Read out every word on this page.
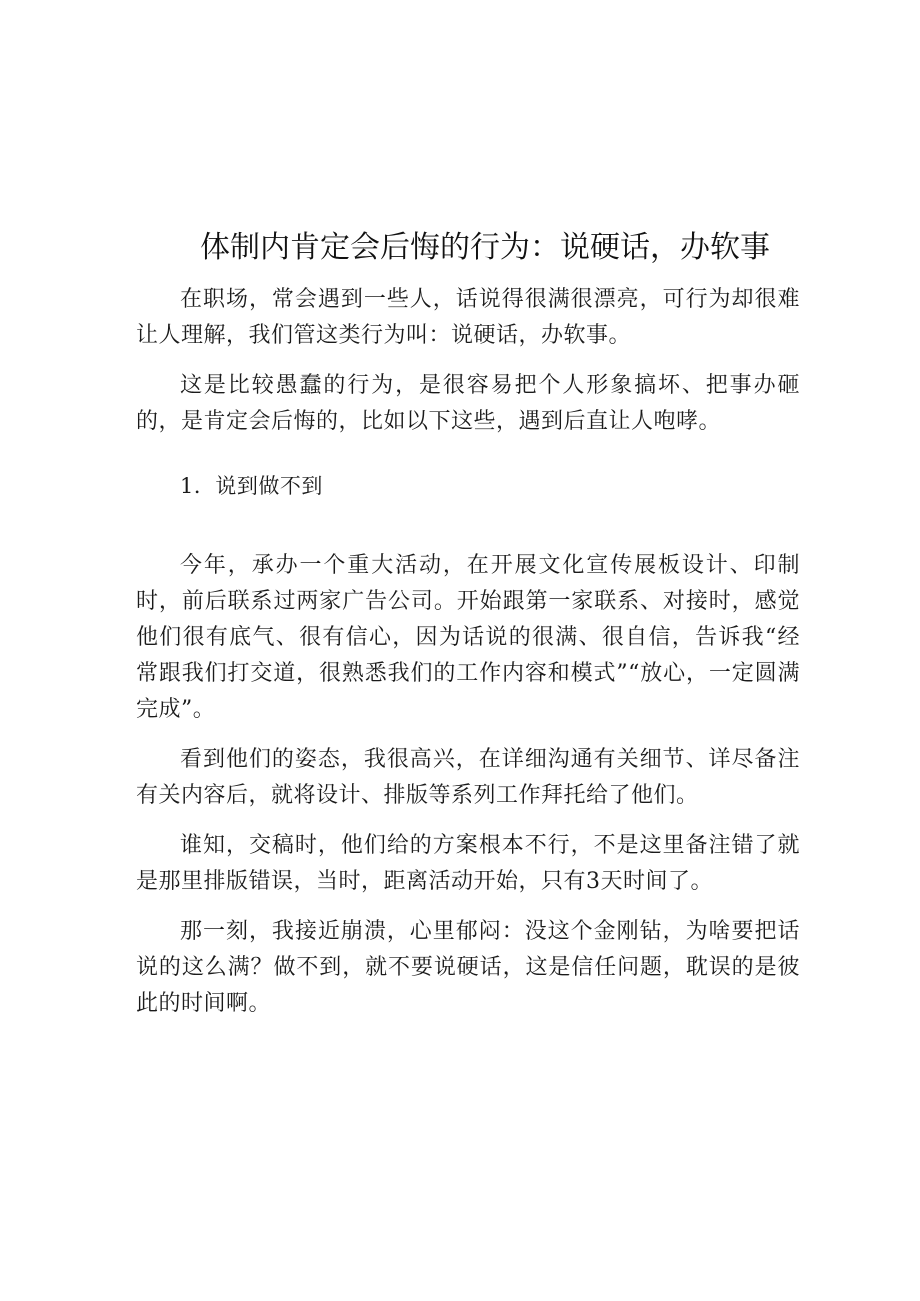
体制内肯定会后悔的行为：说硬话，办软事

在职场，常会遇到一些人，话说得很满很漂亮，可行为却很难让人理解，我们管这类行为叫：说硬话，办软事。

这是比较愚蠢的行为，是很容易把个人形象搞坏、把事办砸的，是肯定会后悔的，比如以下这些，遇到后直让人咆哮。

1．说到做不到

今年，承办一个重大活动，在开展文化宣传展板设计、印制时，前后联系过两家广告公司。开始跟第一家联系、对接时，感觉他们很有底气、很有信心，因为话说的很满、很自信，告诉我“经常跟我们打交道，很熟悉我们的工作内容和模式”“放心，一定圆满完成”。

看到他们的姿态，我很高兴，在详细沟通有关细节、详尽备注有关内容后，就将设计、排版等系列工作拜托给了他们。

谁知，交稿时，他们给的方案根本不行，不是这里备注错了就是那里排版错误，当时，距离活动开始，只有3天时间了。

那一刻，我接近崩溃，心里郁闷：没这个金刚钻，为啥要把话说的这么满？做不到，就不要说硬话，这是信任问题，耽误的是彼此的时间啊。
